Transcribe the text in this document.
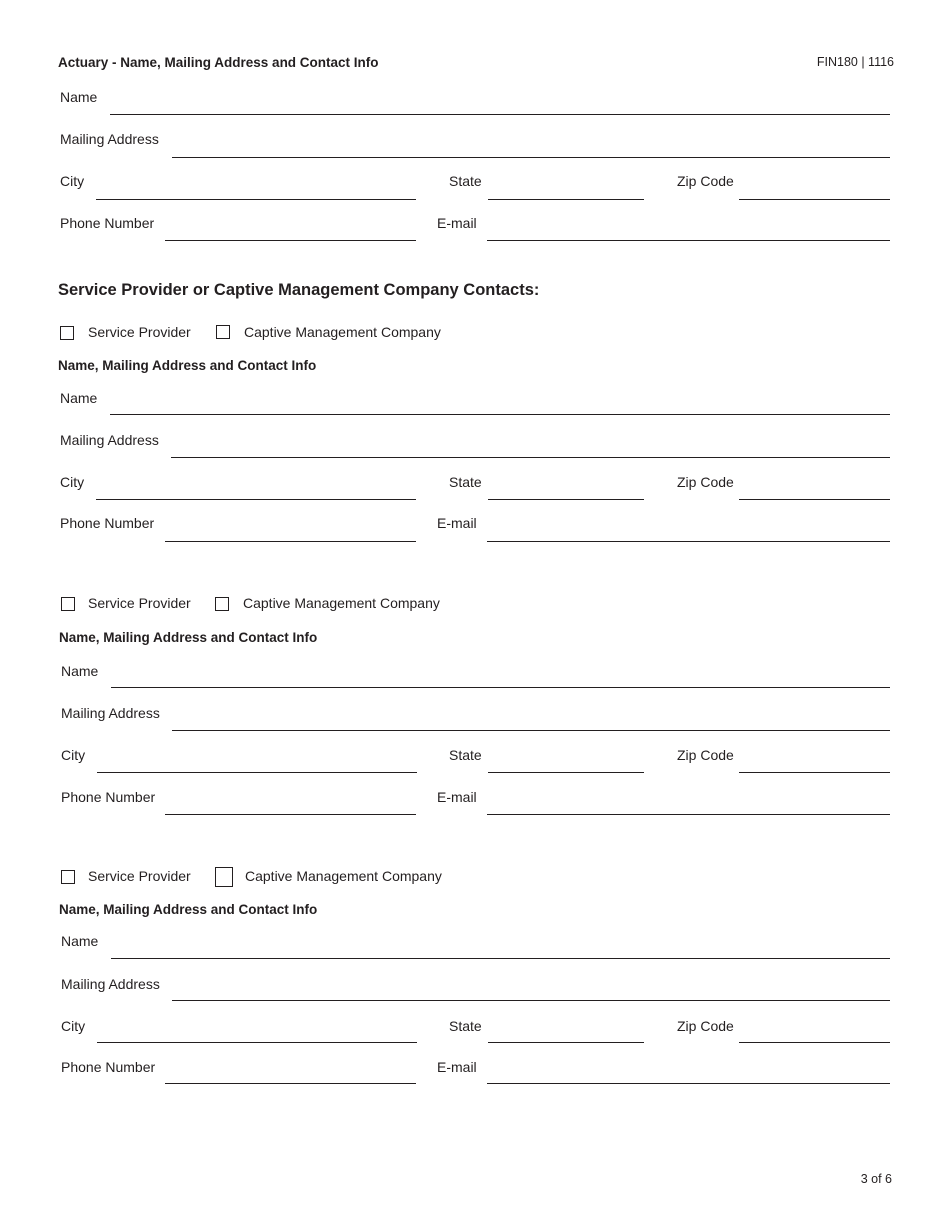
Actuary - Name, Mailing Address and Contact Info	FIN180 | 1116
Name
Mailing Address
City	State	Zip Code
Phone Number	E-mail
Service Provider or Captive Management Company Contacts:
Service Provider	Captive Management Company
Name, Mailing Address and Contact Info
Name
Mailing Address
City	State	Zip Code
Phone Number	E-mail
Service Provider	Captive Management Company
Name, Mailing Address and Contact Info
Name
Mailing Address
City	State	Zip Code
Phone Number	E-mail
Service Provider	Captive Management Company
Name, Mailing Address and Contact Info
Name
Mailing Address
City	State	Zip Code
Phone Number	E-mail
3 of 6
